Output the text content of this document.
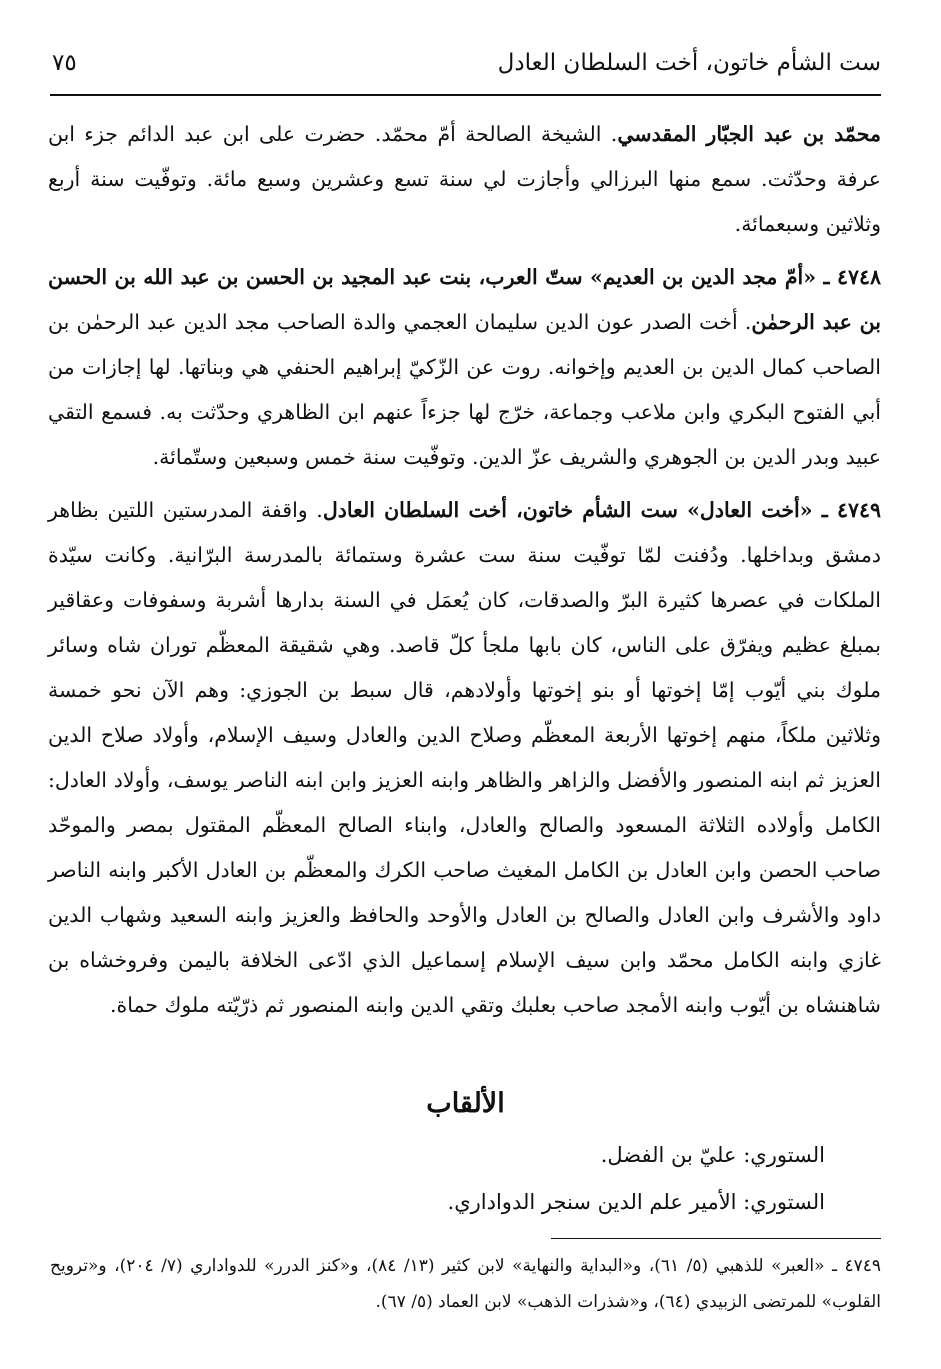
ست الشأم خاتون، أخت السلطان العادل
٧٥

محمّد بن عبد الجبّار المقدسي. الشيخة الصالحة أمّ محمّد. حضرت على ابن عبد الدائم جزء ابن عرفة وحدّثت. سمع منها البرزالي وأجازت لي سنة تسع وعشرين وسبع مائة. وتوفّيت سنة أربع وثلاثين وسبعمائة.

٤٧٤٨ ـ «أمّ مجد الدين بن العديم» ستّ العرب، بنت عبد المجيد بن الحسن بن عبد الله بن الحسن بن عبد الرحمٰن. أخت الصدر عون الدين سليمان العجمي والدة الصاحب مجد الدين عبد الرحمٰن بن الصاحب كمال الدين بن العديم وإخوانه. روت عن الزّكيّ إبراهيم الحنفي هي وبناتها. لها إجازات من أبي الفتوح البكري وابن ملاعب وجماعة، خرّج لها جزءاً عنهم ابن الظاهري وحدّثت به. فسمع التقي عبيد وبدر الدين بن الجوهري والشريف عزّ الدين. وتوفّيت سنة خمس وسبعين وستّمائة.

٤٧٤٩ ـ «أخت العادل» ست الشأم خاتون، أخت السلطان العادل. واقفة المدرستين اللتين بظاهر دمشق وبداخلها. ودُفنت لمّا توفّيت سنة ست عشرة وستمائة بالمدرسة البرّانية. وكانت سيّدة الملكات في عصرها كثيرة البرّ والصدقات، كان يُعمَل في السنة بدارها أشربة وسفوفات وعقاقير بمبلغ عظيم ويفرّق على الناس، كان بابها ملجأ كلّ قاصد. وهي شقيقة المعظّم توران شاه وسائر ملوك بني أيّوب إمّا إخوتها أو بنو إخوتها وأولادهم، قال سبط بن الجوزي: وهم الآن نحو خمسة وثلاثين ملكاً، منهم إخوتها الأربعة المعظّم وصلاح الدين والعادل وسيف الإسلام، وأولاد صلاح الدين العزيز ثم ابنه المنصور والأفضل والزاهر والظاهر وابنه العزيز وابن ابنه الناصر يوسف، وأولاد العادل: الكامل وأولاده الثلاثة المسعود والصالح والعادل، وابناء الصالح المعظّم المقتول بمصر والموحّد صاحب الحصن وابن العادل بن الكامل المغيث صاحب الكرك والمعظّم بن العادل الأكبر وابنه الناصر داود والأشرف وابن العادل والصالح بن العادل والأوحد والحافظ والعزيز وابنه السعيد وشهاب الدين غازي وابنه الكامل محمّد وابن سيف الإسلام إسماعيل الذي ادّعى الخلافة باليمن وفروخشاه بن شاهنشاه بن أيّوب وابنه الأمجد صاحب بعلبك وتقي الدين وابنه المنصور ثم ذرّيّته ملوك حماة.

الألقاب
الستوري: عليّ بن الفضل.
الستوري: الأمير علم الدين سنجر الدواداري.
٤٧٤٩ ـ «العبر» للذهبي (٥/ ٦١)، و«البداية والنهاية» لابن كثير (١٣/ ٨٤)، و«كنز الدرر» للدواداري (٧/ ٢٠٤)، و«ترويح القلوب» للمرتضى الزبيدي (٦٤)، و«شذرات الذهب» لابن العماد (٥/ ٦٧).
